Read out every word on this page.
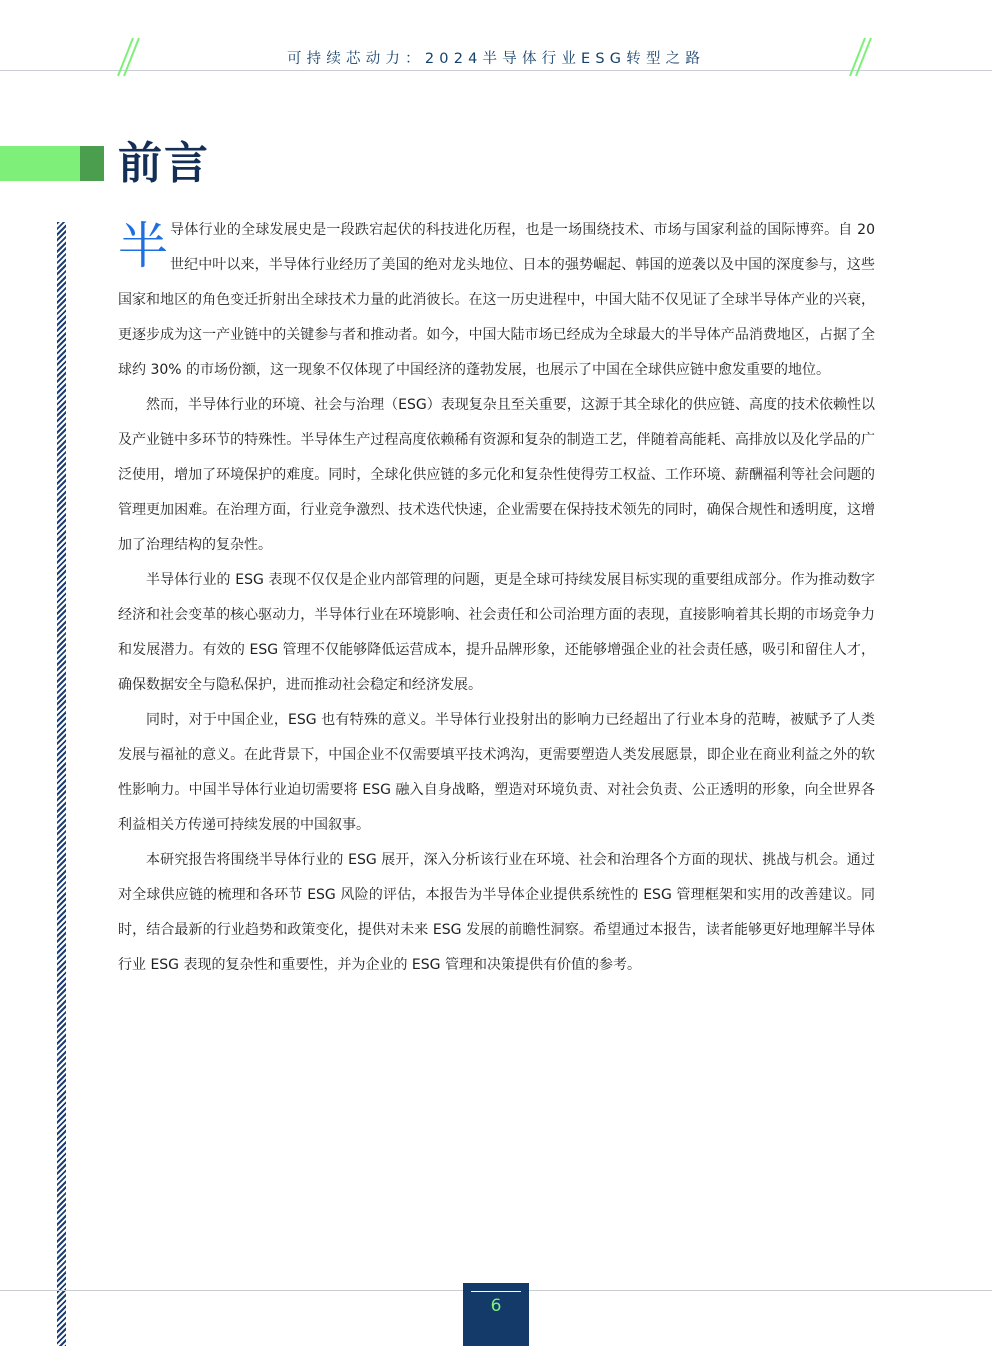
可持续芯动力：2024半导体行业ESG转型之路
前言

半导体行业的全球发展史是一段跌宕起伏的科技进化历程，也是一场围绕技术、市场与国家利益的国际博弈。自 20 世纪中叶以来，半导体行业经历了美国的绝对龙头地位、日本的强势崛起、韩国的逆袭以及中国的深度参与，这些国家和地区的角色变迁折射出全球技术力量的此消彼长。在这一历史进程中，中国大陆不仅见证了全球半导体产业的兴衰，更逐步成为这一产业链中的关键参与者和推动者。如今，中国大陆市场已经成为全球最大的半导体产品消费地区，占据了全球约 30% 的市场份额，这一现象不仅体现了中国经济的蓬勃发展，也展示了中国在全球供应链中愈发重要的地位。

然而，半导体行业的环境、社会与治理（ESG）表现复杂且至关重要，这源于其全球化的供应链、高度的技术依赖性以及产业链中多环节的特殊性。半导体生产过程高度依赖稀有资源和复杂的制造工艺，伴随着高能耗、高排放以及化学品的广泛使用，增加了环境保护的难度。同时，全球化供应链的多元化和复杂性使得劳工权益、工作环境、薪酬福利等社会问题的管理更加困难。在治理方面，行业竞争激烈、技术迭代快速，企业需要在保持技术领先的同时，确保合规性和透明度，这增加了治理结构的复杂性。

半导体行业的 ESG 表现不仅仅是企业内部管理的问题，更是全球可持续发展目标实现的重要组成部分。作为推动数字经济和社会变革的核心驱动力，半导体行业在环境影响、社会责任和公司治理方面的表现，直接影响着其长期的市场竞争力和发展潜力。有效的 ESG 管理不仅能够降低运营成本，提升品牌形象，还能够增强企业的社会责任感，吸引和留住人才，确保数据安全与隐私保护，进而推动社会稳定和经济发展。

同时，对于中国企业，ESG 也有特殊的意义。半导体行业投射出的影响力已经超出了行业本身的范畴，被赋予了人类发展与福祉的意义。在此背景下，中国企业不仅需要填平技术鸿沟，更需要塑造人类发展愿景，即企业在商业利益之外的软性影响力。中国半导体行业迫切需要将 ESG 融入自身战略，塑造对环境负责、对社会负责、公正透明的形象，向全世界各利益相关方传递可持续发展的中国叙事。

本研究报告将围绕半导体行业的 ESG 展开，深入分析该行业在环境、社会和治理各个方面的现状、挑战与机会。通过对全球供应链的梳理和各环节 ESG 风险的评估，本报告为半导体企业提供系统性的 ESG 管理框架和实用的改善建议。同时，结合最新的行业趋势和政策变化，提供对未来 ESG 发展的前瞻性洞察。希望通过本报告，读者能够更好地理解半导体行业 ESG 表现的复杂性和重要性，并为企业的 ESG 管理和决策提供有价值的参考。

6
